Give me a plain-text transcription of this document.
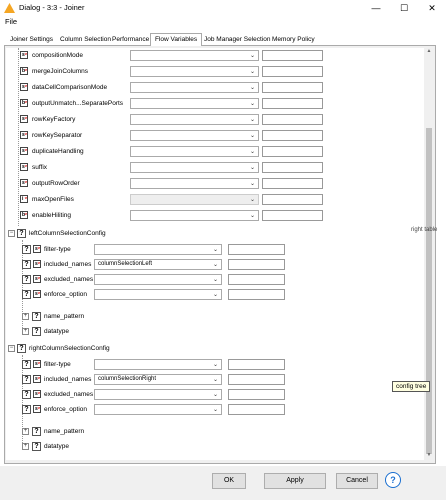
Dialog - 3:3 - Joiner	—	☐	✕
File
Joiner Settings	Column Selection Performance Flow Variables	Job Manager Selection Memory Policy
s v compositionMode	⌄
b v mergeJoinColumns	⌄
s v dataCellComparisonMode	⌄
b v outputUnmatch...SeparatePorts	⌄
s v rowKeyFactory	⌄
s v rowKeySeparator	⌄
s v duplicateHandling	⌄
s v suffix	⌄
s v outputRowOrder	⌄
i v maxOpenFiles	⌄
b v enableHiliting	⌄
− ? leftColumnSelectionConfig
?	s v filter-type	⌄
?	s v included_names columnSelectionLeft	⌄
?	s v excluded_names	⌄
?	s v enforce_option	⌄
+	? name_pattern
+	? datatype
− ? rightColumnSelectionConfig
?	s v filter-type	⌄
?	s v included_names columnSelectionRight	⌄
?	s v excluded_names	⌄
?	s v enforce_option	⌄
+	? name_pattern
+	? datatype
▲
▼
config tree
right table
OK	Apply	Cancel	?
